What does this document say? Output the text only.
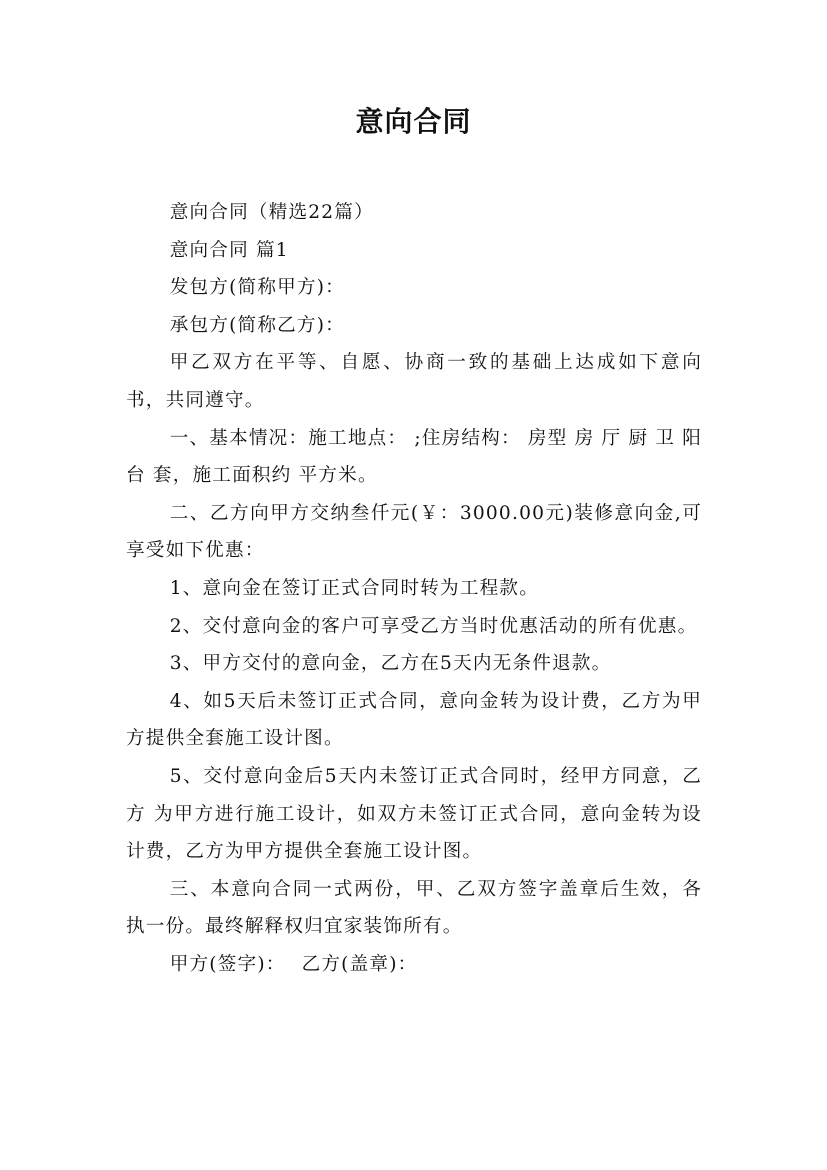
意向合同

意向合同（精选22篇）

意向合同 篇1

发包方(简称甲方)：

承包方(简称乙方)：

甲乙双方在平等、自愿、协商一致的基础上达成如下意向书，共同遵守。

一、基本情况：施工地点： ;住房结构： 房型 房 厅 厨 卫 阳台 套，施工面积约 平方米。

二、乙方向甲方交纳叁仟元(￥：3000.00元)装修意向金,可享受如下优惠：

1、意向金在签订正式合同时转为工程款。

2、交付意向金的客户可享受乙方当时优惠活动的所有优惠。

3、甲方交付的意向金，乙方在5天内无条件退款。

4、如5天后未签订正式合同，意向金转为设计费，乙方为甲方提供全套施工设计图。

5、交付意向金后5天内未签订正式合同时，经甲方同意，乙方 为甲方进行施工设计，如双方未签订正式合同，意向金转为设计费，乙方为甲方提供全套施工设计图。

三、本意向合同一式两份，甲、乙双方签字盖章后生效，各执一份。最终解释权归宜家装饰所有。

甲方(签字)： 乙方(盖章)：
